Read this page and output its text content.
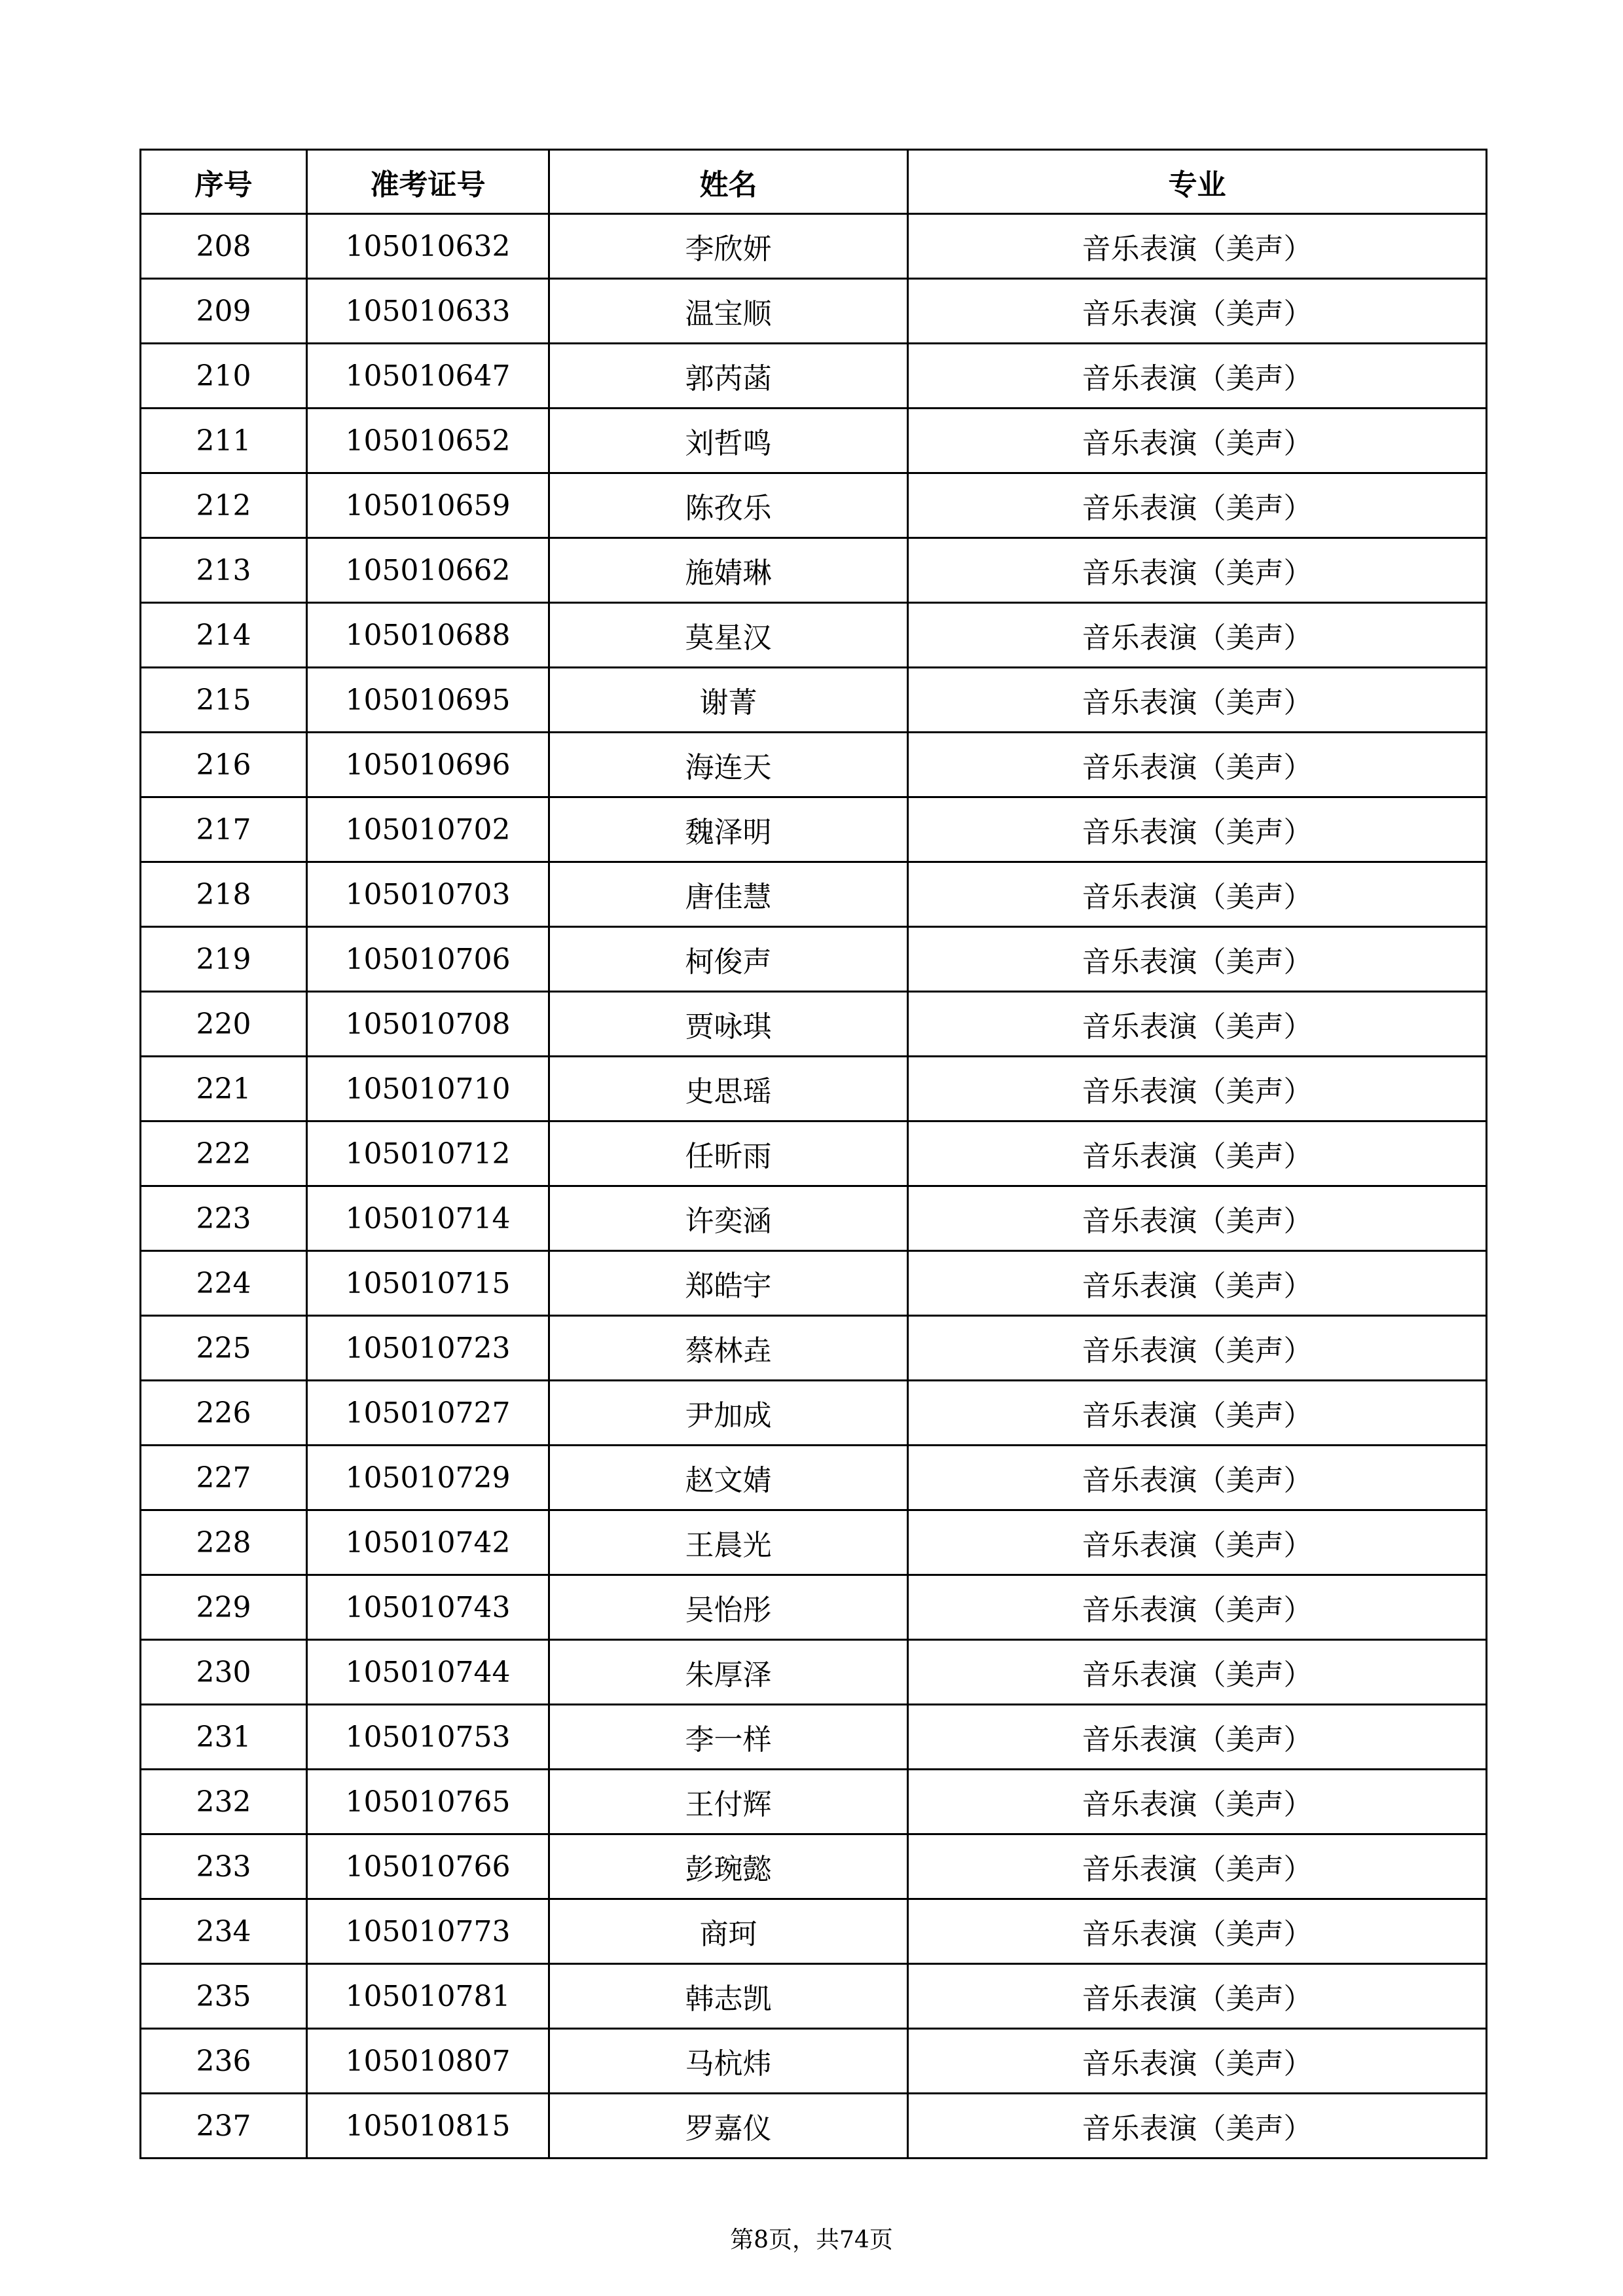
序号	准考证号	姓名	专业
208	105010632	李欣妍	音乐表演（美声）
209	105010633	温宝顺	音乐表演（美声）
210	105010647	郭芮菡	音乐表演（美声）
211	105010652	刘哲鸣	音乐表演（美声）
212	105010659	陈孜乐	音乐表演（美声）
213	105010662	施婧琳	音乐表演（美声）
214	105010688	莫星汉	音乐表演（美声）
215	105010695	谢菁	音乐表演（美声）
216	105010696	海连天	音乐表演（美声）
217	105010702	魏泽明	音乐表演（美声）
218	105010703	唐佳慧	音乐表演（美声）
219	105010706	柯俊声	音乐表演（美声）
220	105010708	贾咏琪	音乐表演（美声）
221	105010710	史思瑶	音乐表演（美声）
222	105010712	任昕雨	音乐表演（美声）
223	105010714	许奕涵	音乐表演（美声）
224	105010715	郑皓宇	音乐表演（美声）
225	105010723	蔡林垚	音乐表演（美声）
226	105010727	尹加成	音乐表演（美声）
227	105010729	赵文婧	音乐表演（美声）
228	105010742	王晨光	音乐表演（美声）
229	105010743	吴怡彤	音乐表演（美声）
230	105010744	朱厚泽	音乐表演（美声）
231	105010753	李一样	音乐表演（美声）
232	105010765	王付辉	音乐表演（美声）
233	105010766	彭琬懿	音乐表演（美声）
234	105010773	商珂	音乐表演（美声）
235	105010781	韩志凯	音乐表演（美声）
236	105010807	马杭炜	音乐表演（美声）
237	105010815	罗嘉仪	音乐表演（美声）
第8页，共74页
